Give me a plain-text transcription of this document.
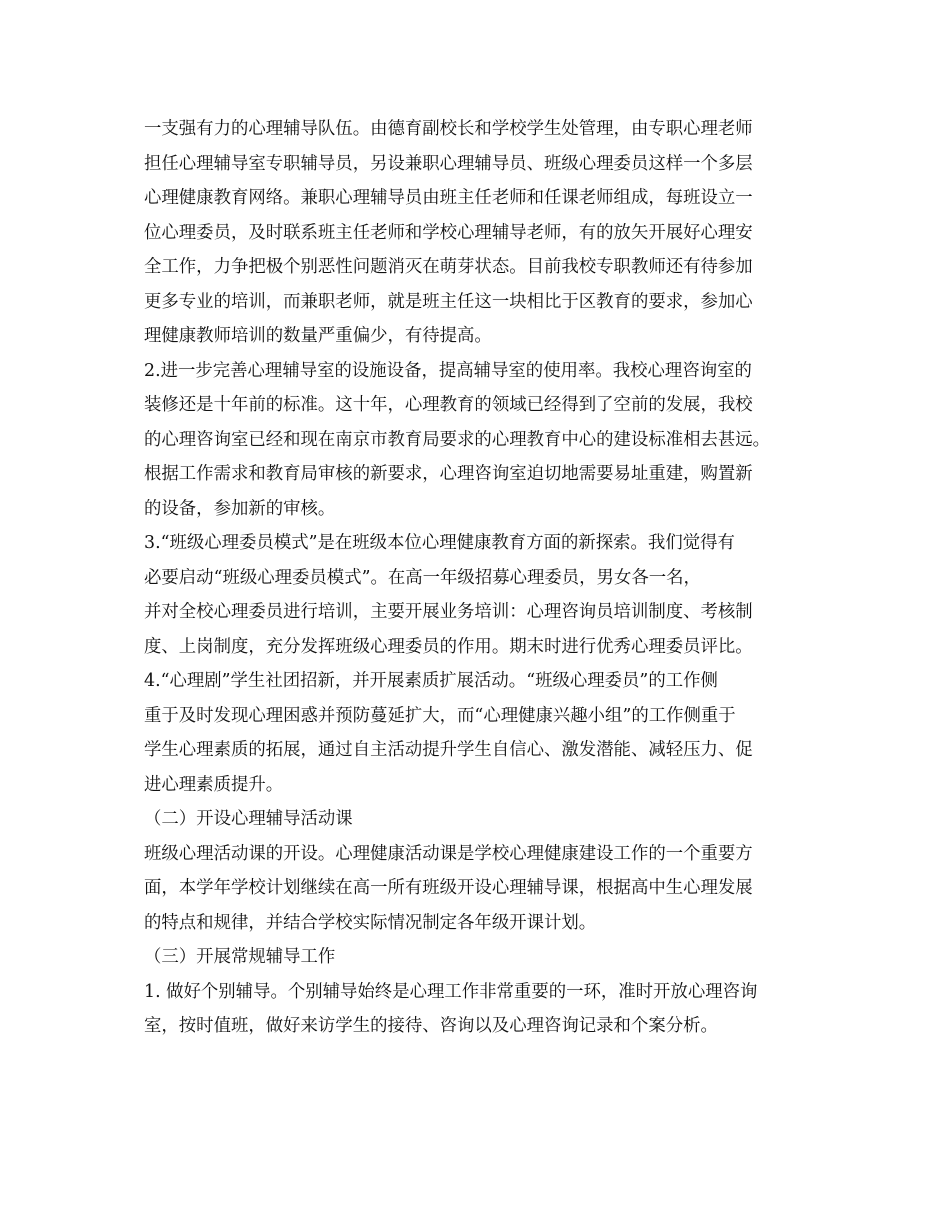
一支强有力的心理辅导队伍。由德育副校长和学校学生处管理，由专职心理老师
担任心理辅导室专职辅导员，另设兼职心理辅导员、班级心理委员这样一个多层
心理健康教育网络。兼职心理辅导员由班主任老师和任课老师组成，每班设立一
位心理委员，及时联系班主任老师和学校心理辅导老师，有的放矢开展好心理安
全工作，力争把极个别恶性问题消灭在萌芽状态。目前我校专职教师还有待参加
更多专业的培训，而兼职老师，就是班主任这一块相比于区教育的要求，参加心
理健康教师培训的数量严重偏少，有待提高。
2.进一步完善心理辅导室的设施设备，提高辅导室的使用率。我校心理咨询室的
装修还是十年前的标准。这十年，心理教育的领域已经得到了空前的发展，我校
的心理咨询室已经和现在南京市教育局要求的心理教育中心的建设标准相去甚远。
根据工作需求和教育局审核的新要求，心理咨询室迫切地需要易址重建，购置新
的设备，参加新的审核。
3.“班级心理委员模式”是在班级本位心理健康教育方面的新探索。我们觉得有
必要启动“班级心理委员模式”。在高一年级招募心理委员，男女各一名，
并对全校心理委员进行培训，主要开展业务培训：心理咨询员培训制度、考核制
度、上岗制度，充分发挥班级心理委员的作用。期末时进行优秀心理委员评比。
4.“心理剧”学生社团招新，并开展素质扩展活动。“班级心理委员”的工作侧
重于及时发现心理困惑并预防蔓延扩大，而“心理健康兴趣小组”的工作侧重于
学生心理素质的拓展，通过自主活动提升学生自信心、激发潜能、减轻压力、促
进心理素质提升。
（二）开设心理辅导活动课
班级心理活动课的开设。心理健康活动课是学校心理健康建设工作的一个重要方
面，本学年学校计划继续在高一所有班级开设心理辅导课，根据高中生心理发展
的特点和规律，并结合学校实际情况制定各年级开课计划。
（三）开展常规辅导工作
1. 做好个别辅导。个别辅导始终是心理工作非常重要的一环，准时开放心理咨询
室，按时值班，做好来访学生的接待、咨询以及心理咨询记录和个案分析。
